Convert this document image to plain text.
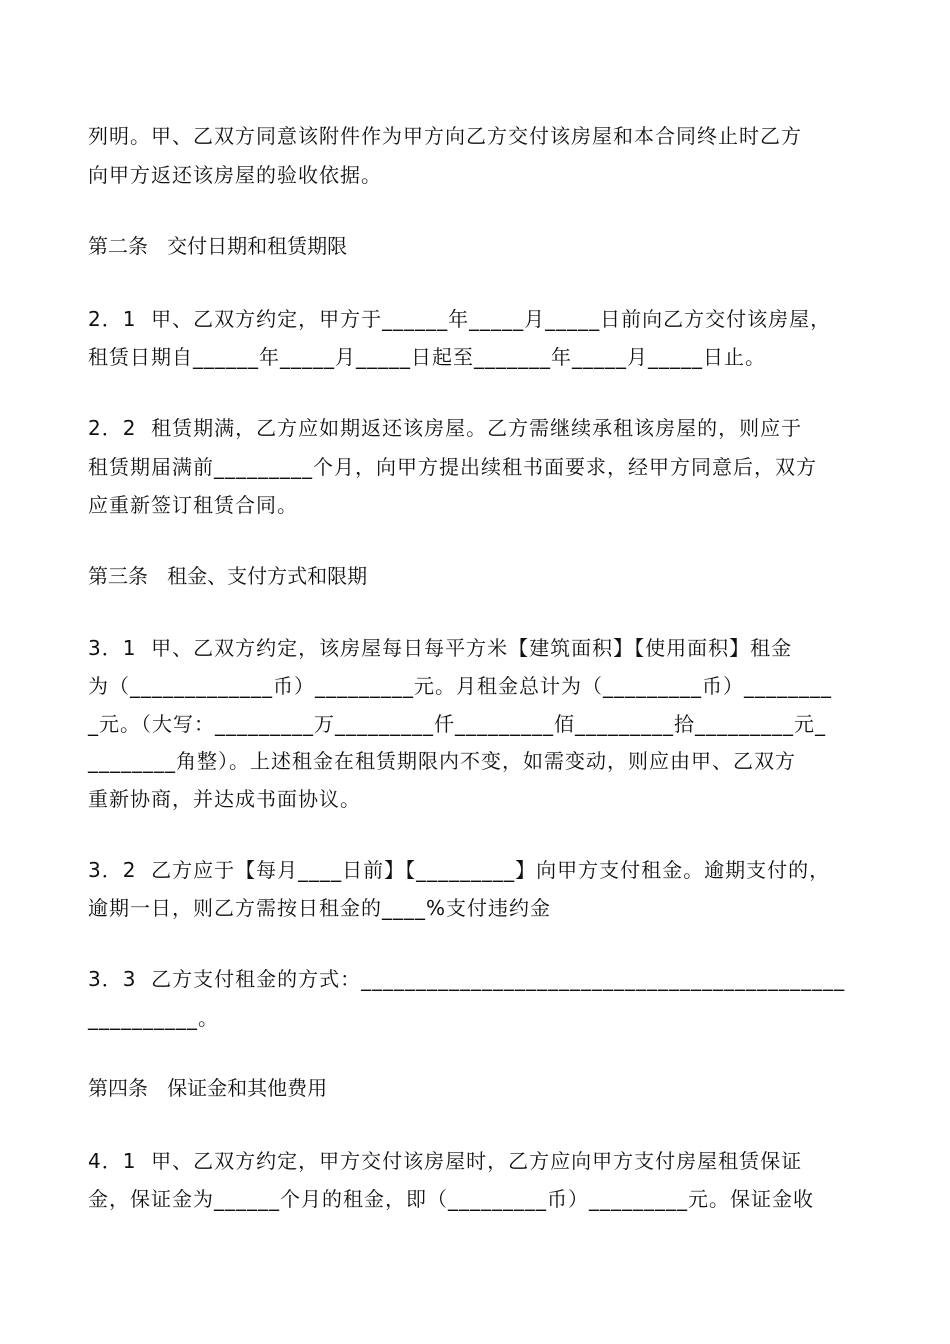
列明。甲、乙双方同意该附件作为甲方向乙方交付该房屋和本合同终止时乙方
向甲方返还该房屋的验收依据。
第二条   交付日期和租赁期限
2．1  甲、乙双方约定，甲方于______年_____月_____日前向乙方交付该房屋，
租赁日期自______年_____月_____日起至_______年_____月_____日止。
2．2  租赁期满，乙方应如期返还该房屋。乙方需继续承租该房屋的，则应于
租赁期届满前_________个月，向甲方提出续租书面要求，经甲方同意后，双方
应重新签订租赁合同。
第三条   租金、支付方式和限期
3．1  甲、乙双方约定，该房屋每日每平方米【建筑面积】【使用面积】租金
为（_____________币）_________元。月租金总计为（_________币）________
_元。（大写：_________万_________仟_________佰_________拾_________元_
________角整）。上述租金在租赁期限内不变，如需变动，则应由甲、乙双方
重新协商，并达成书面协议。
3．2  乙方应于【每月____日前】【_________】向甲方支付租金。逾期支付的，
逾期一日，则乙方需按日租金的____%支付违约金
3．3  乙方支付租金的方式：____________________________________________
__________。
第四条   保证金和其他费用
4．1  甲、乙双方约定，甲方交付该房屋时，乙方应向甲方支付房屋租赁保证
金，保证金为______个月的租金，即（_________币）_________元。保证金收
